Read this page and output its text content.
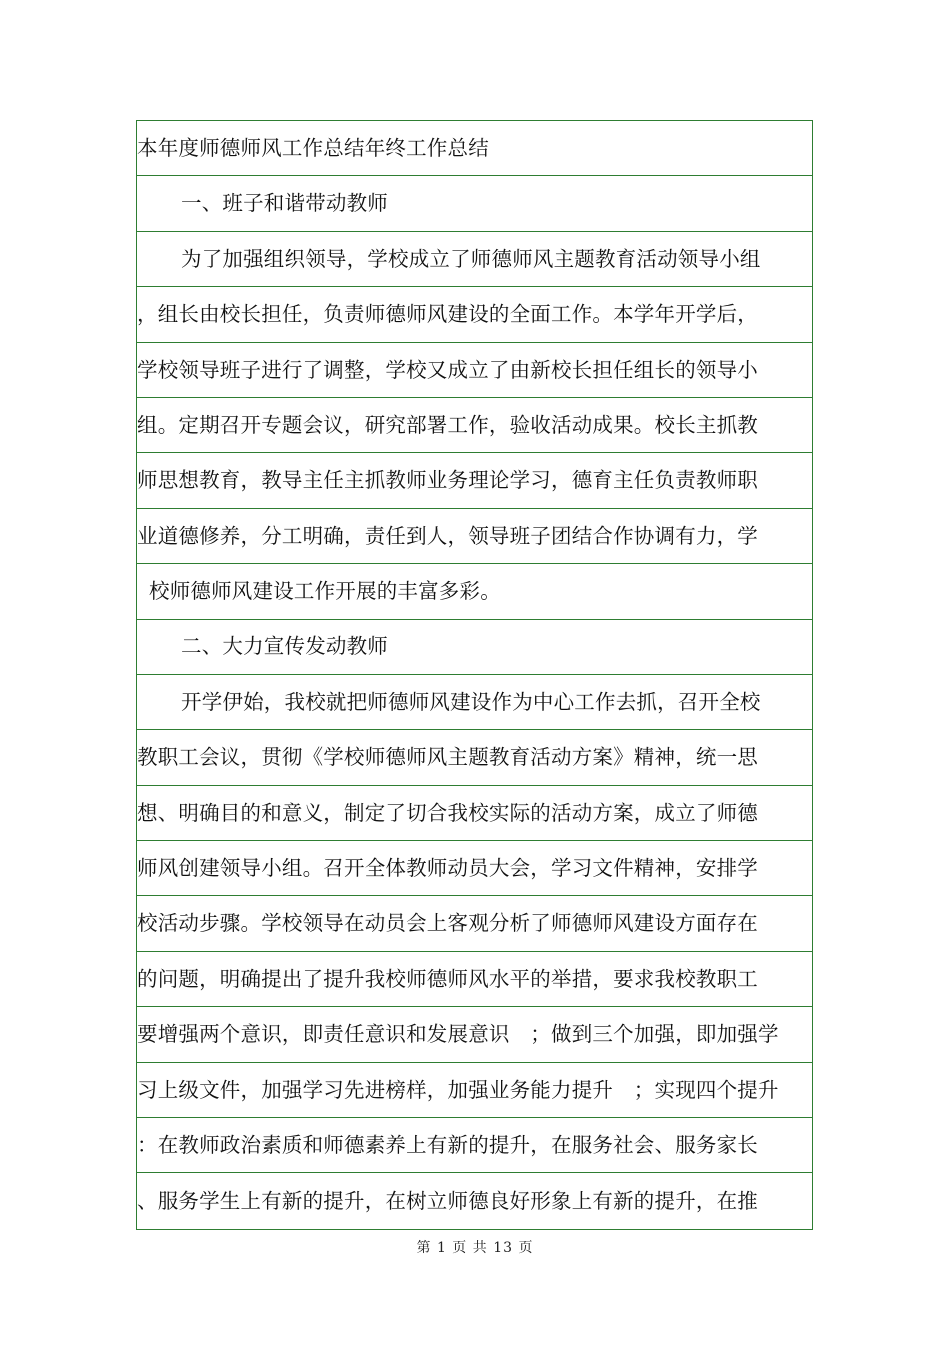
本年度师德师风工作总结年终工作总结
一、班子和谐带动教师
为了加强组织领导，学校成立了师德师风主题教育活动领导小组
，组长由校长担任，负责师德师风建设的全面工作。本学年开学后，
学校领导班子进行了调整，学校又成立了由新校长担任组长的领导小
组。定期召开专题会议，研究部署工作，验收活动成果。校长主抓教
师思想教育，教导主任主抓教师业务理论学习，德育主任负责教师职
业道德修养，分工明确，责任到人，领导班子团结合作协调有力，学
校师德师风建设工作开展的丰富多彩。
二、大力宣传发动教师
开学伊始，我校就把师德师风建设作为中心工作去抓，召开全校
教职工会议，贯彻《学校师德师风主题教育活动方案》精神，统一思
想、明确目的和意义，制定了切合我校实际的活动方案，成立了师德
师风创建领导小组。召开全体教师动员大会，学习文件精神，安排学
校活动步骤。学校领导在动员会上客观分析了师德师风建设方面存在
的问题，明确提出了提升我校师德师风水平的举措，要求我校教职工
要增强两个意识，即责任意识和发展意识　；做到三个加强，即加强学
习上级文件，加强学习先进榜样，加强业务能力提升　；实现四个提升
：在教师政治素质和师德素养上有新的提升，在服务社会、服务家长
、服务学生上有新的提升，在树立师德良好形象上有新的提升，在推
第 1 页 共 13 页
